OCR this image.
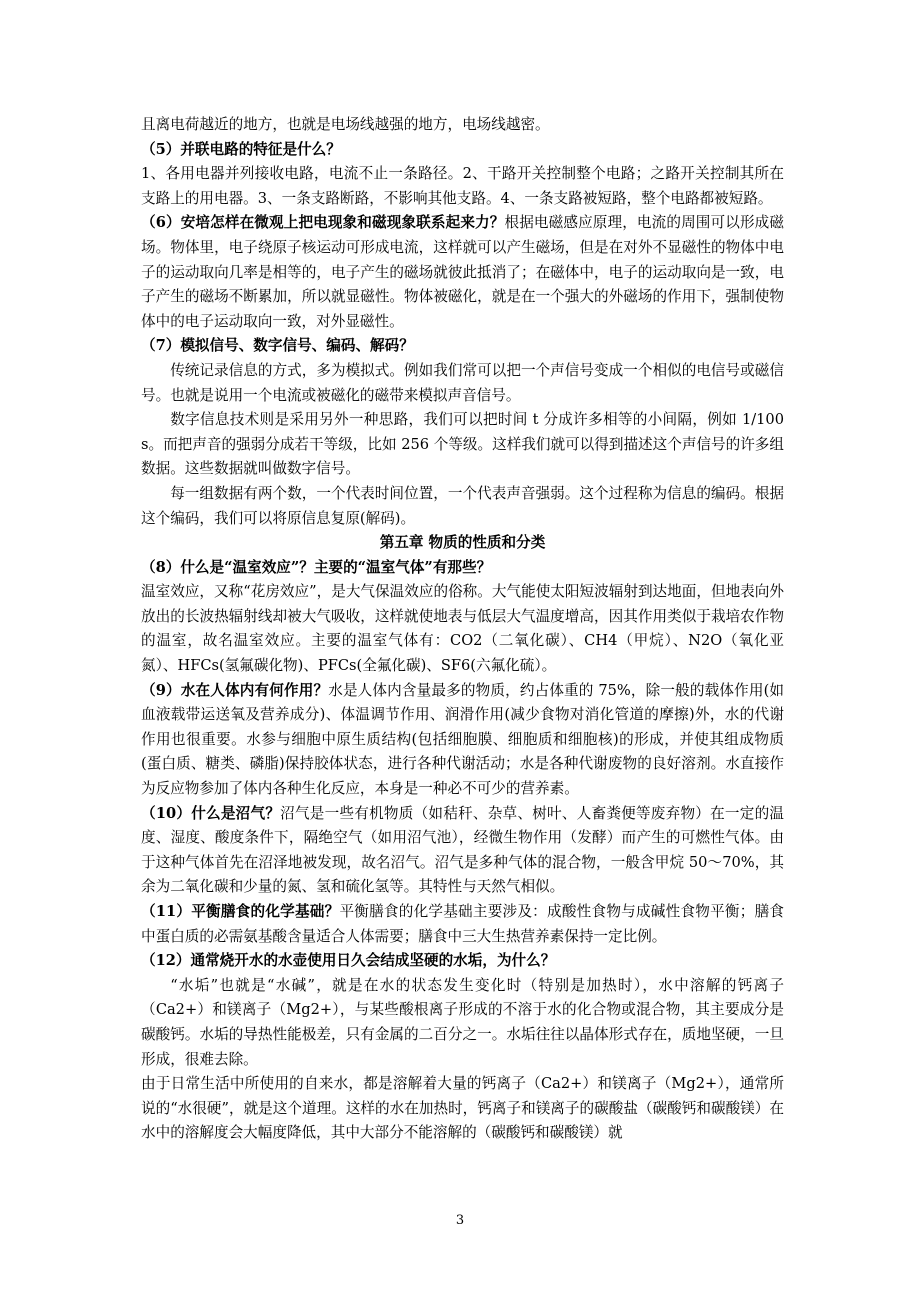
且离电荷越近的地方，也就是电场线越强的地方，电场线越密。

（5）并联电路的特征是什么？

1、各用电器并列接收电路，电流不止一条路径。2、干路开关控制整个电路；之路开关控制其所在支路上的用电器。3、一条支路断路，不影响其他支路。4、一条支路被短路，整个电路都被短路。

（6）安培怎样在微观上把电现象和磁现象联系起来力？根据电磁感应原理，电流的周围可以形成磁场。物体里，电子绕原子核运动可形成电流，这样就可以产生磁场，但是在对外不显磁性的物体中电子的运动取向几率是相等的，电子产生的磁场就彼此抵消了；在磁体中，电子的运动取向是一致，电子产生的磁场不断累加，所以就显磁性。物体被磁化，就是在一个强大的外磁场的作用下，强制使物体中的电子运动取向一致，对外显磁性。

（7）模拟信号、数字信号、编码、解码？

传统记录信息的方式，多为模拟式。例如我们常可以把一个声信号变成一个相似的电信号或磁信号。也就是说用一个电流或被磁化的磁带来模拟声音信号。

数字信息技术则是采用另外一种思路，我们可以把时间 t 分成许多相等的小间隔，例如 1/100 s。而把声音的强弱分成若干等级，比如 256 个等级。这样我们就可以得到描述这个声信号的许多组数据。这些数据就叫做数字信号。

每一组数据有两个数，一个代表时间位置，一个代表声音强弱。这个过程称为信息的编码。根据这个编码，我们可以将原信息复原(解码)。

第五章 物质的性质和分类

（8）什么是“温室效应”？主要的“温室气体”有那些？

温室效应，又称“花房效应”，是大气保温效应的俗称。大气能使太阳短波辐射到达地面，但地表向外放出的长波热辐射线却被大气吸收，这样就使地表与低层大气温度增高，因其作用类似于栽培农作物的温室，故名温室效应。主要的温室气体有：CO2（二氧化碳）、CH4（甲烷）、N2O（氧化亚氮）、HFCs(氢氟碳化物)、PFCs(全氟化碳)、SF6(六氟化硫）。

（9）水在人体内有何作用？水是人体内含量最多的物质，约占体重的 75%，除一般的载体作用(如血液载带运送氧及营养成分)、体温调节作用、润滑作用(减少食物对消化管道的摩擦)外，水的代谢作用也很重要。水参与细胞中原生质结构(包括细胞膜、细胞质和细胞核)的形成，并使其组成物质(蛋白质、糖类、磷脂)保持胶体状态，进行各种代谢活动；水是各种代谢废物的良好溶剂。水直接作为反应物参加了体内各种生化反应，本身是一种必不可少的营养素。

（10）什么是沼气？沼气是一些有机物质（如秸秆、杂草、树叶、人畜粪便等废弃物）在一定的温度、湿度、酸度条件下，隔绝空气（如用沼气池），经微生物作用（发酵）而产生的可燃性气体。由于这种气体首先在沼泽地被发现，故名沼气。沼气是多种气体的混合物，一般含甲烷 50～70%，其余为二氧化碳和少量的氮、氢和硫化氢等。其特性与天然气相似。

（11）平衡膳食的化学基础？平衡膳食的化学基础主要涉及：成酸性食物与成碱性食物平衡；膳食中蛋白质的必需氨基酸含量适合人体需要；膳食中三大生热营养素保持一定比例。

（12）通常烧开水的水壶使用日久会结成坚硬的水垢，为什么？

“水垢”也就是“水碱”，就是在水的状态发生变化时（特别是加热时），水中溶解的钙离子（Ca2+）和镁离子（Mg2+），与某些酸根离子形成的不溶于水的化合物或混合物，其主要成分是碳酸钙。水垢的导热性能极差，只有金属的二百分之一。水垢往往以晶体形式存在，质地坚硬，一旦形成，很难去除。

由于日常生活中所使用的自来水，都是溶解着大量的钙离子（Ca2+）和镁离子（Mg2+），通常所说的“水很硬”，就是这个道理。这样的水在加热时，钙离子和镁离子的碳酸盐（碳酸钙和碳酸镁）在水中的溶解度会大幅度降低，其中大部分不能溶解的（碳酸钙和碳酸镁）就

3
